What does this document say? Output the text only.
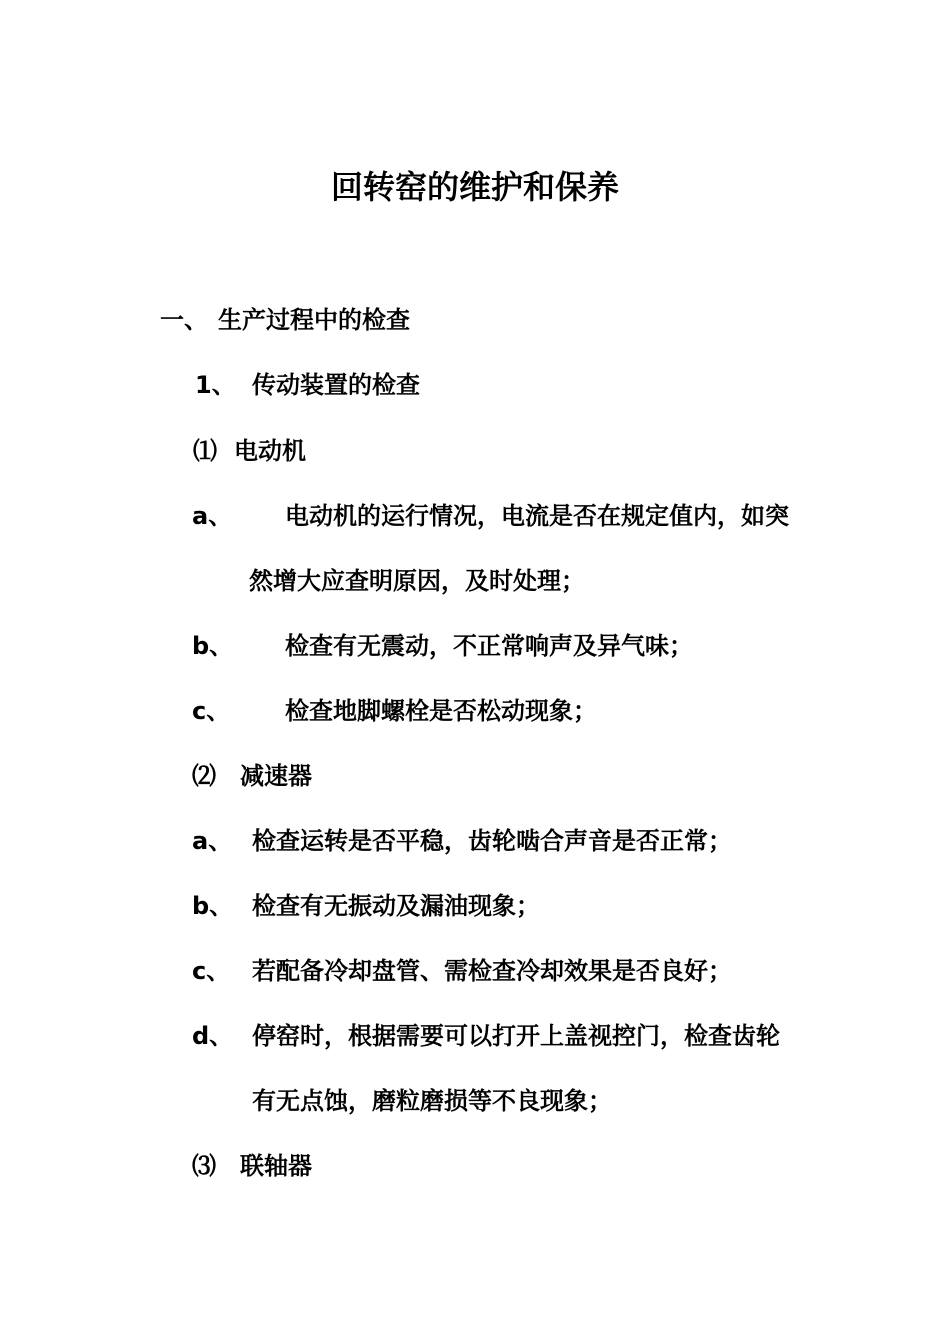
回转窑的维护和保养
一、 生产过程中的检查
1、 传动装置的检查
⑴ 电动机
a、 电动机的运行情况，电流是否在规定值内，如突
然增大应查明原因，及时处理；
b、 检查有无震动，不正常响声及异气味；
c、 检查地脚螺栓是否松动现象；
⑵ 减速器
a、 检查运转是否平稳，齿轮啮合声音是否正常；
b、 检查有无振动及漏油现象；
c、 若配备冷却盘管、需检查冷却效果是否良好；
d、 停窑时，根据需要可以打开上盖视控门，检查齿轮
有无点蚀，磨粒磨损等不良现象；
⑶ 联轴器
